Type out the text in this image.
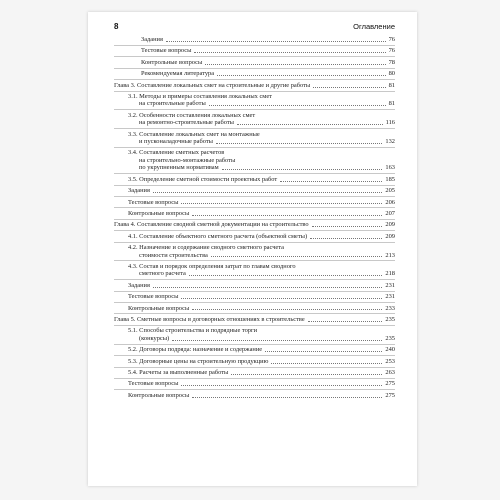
8	Оглавление
Задания	76
Тестовые вопросы	76
Контрольные вопросы	78
Рекомендуемая литература	80
Глава 3. Составление локальных смет на строительные и другие работы	81
3.1. Методы и примеры составления локальных смет
на строительные работы	81
3.2. Особенности составления локальных смет
на ремонтно-строительные работы	116
3.3. Составление локальных смет на монтажные
и пусконаладочные работы	132
3.4. Составление сметных расчетов
на строительно-монтажные работы
по укрупненным нормативам	163
3.5. Определение сметной стоимости проектных работ	185
Задания	205
Тестовые вопросы	206
Контрольные вопросы	207
Глава 4. Составление сводной сметной документации на строительство	209
4.1. Составление объектного сметного расчета (объектной сметы)	209
4.2. Назначение и содержание сводного сметного расчета
стоимости строительства	213
4.3. Состав и порядок определения затрат по главам сводного
сметного расчета	218
Задания	231
Тестовые вопросы	231
Контрольные вопросы	233
Глава 5. Сметные вопросы в договорных отношениях в строительстве	235
5.1. Способы строительства и подрядные торги
(конкурсы)	235
5.2. Договоры подряда: назначение и содержание	240
5.3. Договорные цены на строительную продукцию	253
5.4. Расчеты за выполненные работы	263
Тестовые вопросы	275
Контрольные вопросы	275
